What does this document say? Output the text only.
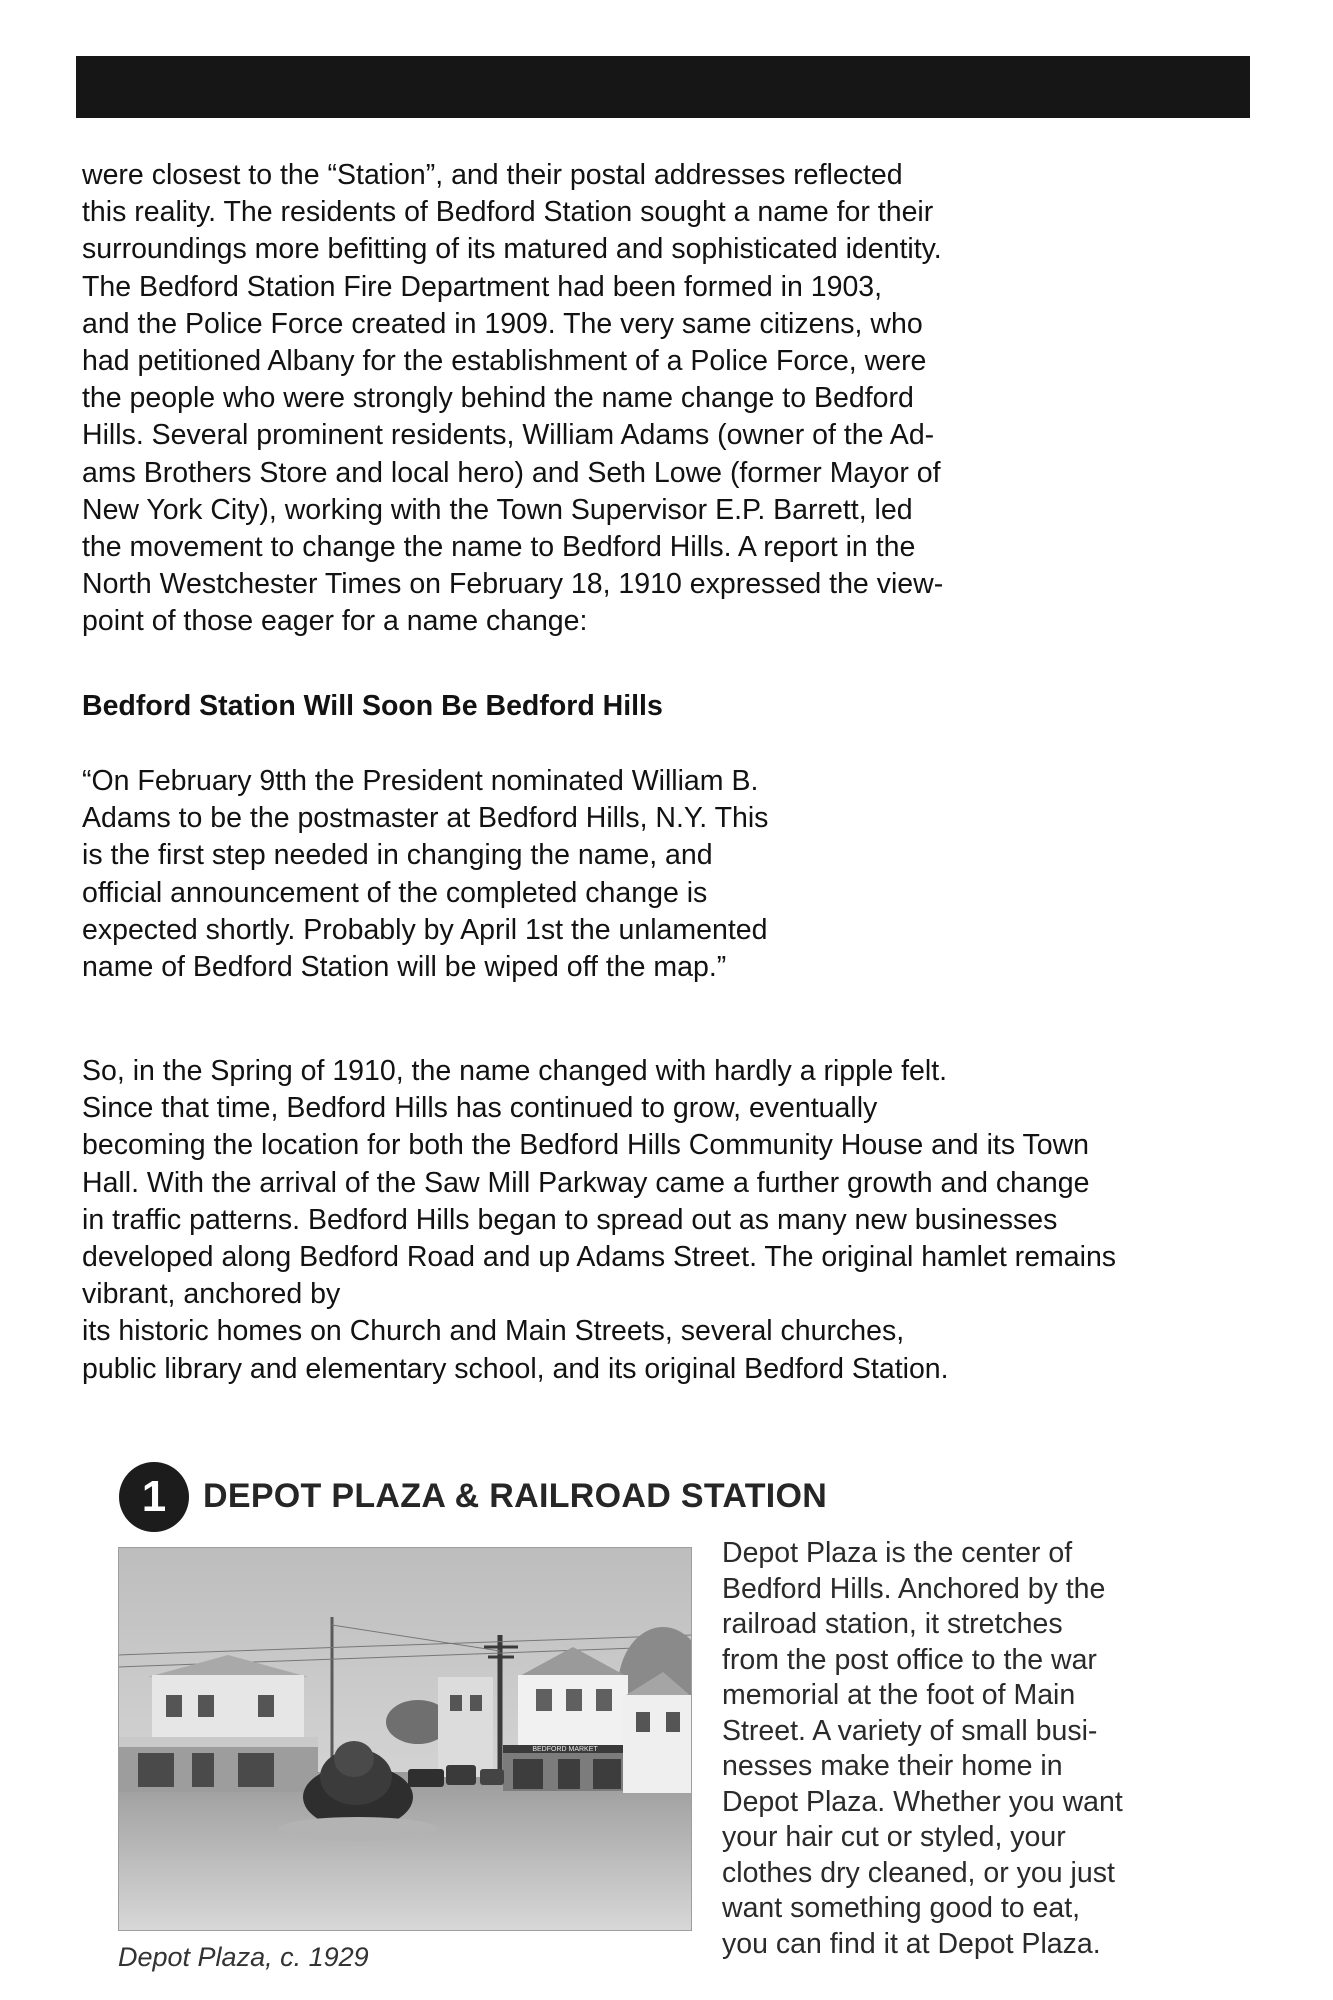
were closest to the “Station”, and their postal addresses reflected
this reality. The residents of Bedford Station sought a name for their
surroundings more befitting of its matured and sophisticated identity.
The Bedford Station Fire Department had been formed in 1903,
and the Police Force created in 1909. The very same citizens, who
had petitioned Albany for the establishment of a Police Force, were
the people who were strongly behind the name change to Bedford
Hills. Several prominent residents, William Adams (owner of the Ad-
ams Brothers Store and local hero) and Seth Lowe (former Mayor of
New York City), working with the Town Supervisor E.P. Barrett, led
the movement to change the name to Bedford Hills. A report in the
North Westchester Times on February 18, 1910 expressed the view-
point of those eager for a name change:
Bedford Station Will Soon Be Bedford Hills
“On February 9tth the President nominated William B.
Adams to be the postmaster at Bedford Hills, N.Y. This
is the first step needed in changing the name, and
official announcement of the completed change is
expected shortly. Probably by April 1st the unlamented
name of Bedford Station will be wiped off the map.”
So, in the Spring of 1910, the name changed with hardly a ripple felt.
Since that time, Bedford Hills has continued to grow, eventually
becoming the location for both the Bedford Hills Community House and its Town
Hall. With the arrival of the Saw Mill Parkway came a further growth and change
in traffic patterns. Bedford Hills began to spread out as many new businesses
developed along Bedford Road and up Adams Street. The original hamlet remains
vibrant, anchored by
its historic homes on Church and Main Streets, several churches,
public library and elementary school, and its original Bedford Station.
1	DEPOT PLAZA & RAILROAD STATION
BEDFORD MARKET

Depot Plaza, c. 1929

Depot Plaza is the center of
Bedford Hills. Anchored by the
railroad station, it stretches
from the post office to the war
memorial at the foot of Main
Street. A variety of small busi-
nesses make their home in
Depot Plaza. Whether you want
your hair cut or styled, your
clothes dry cleaned, or you just
want something good to eat,
you can find it at Depot Plaza.
